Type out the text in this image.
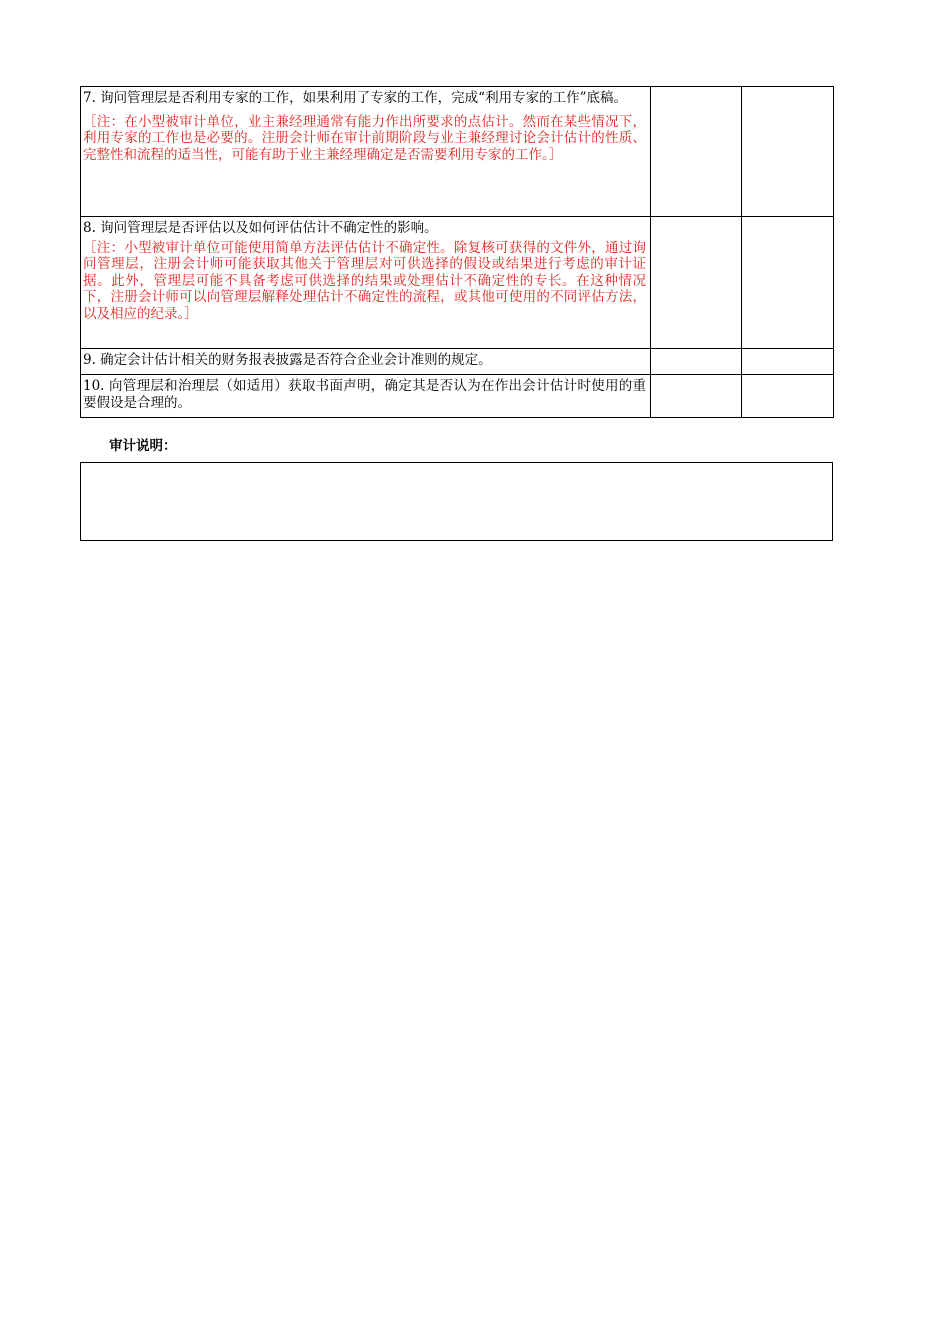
7. 询问管理层是否利用专家的工作，如果利用了专家的工作，完成“利用专家的工作”底稿。

［注：在小型被审计单位，业主兼经理通常有能力作出所要求的点估计。然而在某些情况下，利用专家的工作也是必要的。注册会计师在审计前期阶段与业主兼经理讨论会计估计的性质、完整性和流程的适当性，可能有助于业主兼经理确定是否需要利用专家的工作。］		

8. 询问管理层是否评估以及如何评估估计不确定性的影响。

［注：小型被审计单位可能使用简单方法评估估计不确定性。除复核可获得的文件外，通过询问管理层，注册会计师可能获取其他关于管理层对可供选择的假设或结果进行考虑的审计证据。此外，管理层可能不具备考虑可供选择的结果或处理估计不确定性的专长。在这种情况下，注册会计师可以向管理层解释处理估计不确定性的流程，或其他可使用的不同评估方法，以及相应的纪录。］		

9. 确定会计估计相关的财务报表披露是否符合企业会计准则的规定。		

10. 向管理层和治理层（如适用）获取书面声明，确定其是否认为在作出会计估计时使用的重要假设是合理的。		

审计说明：
